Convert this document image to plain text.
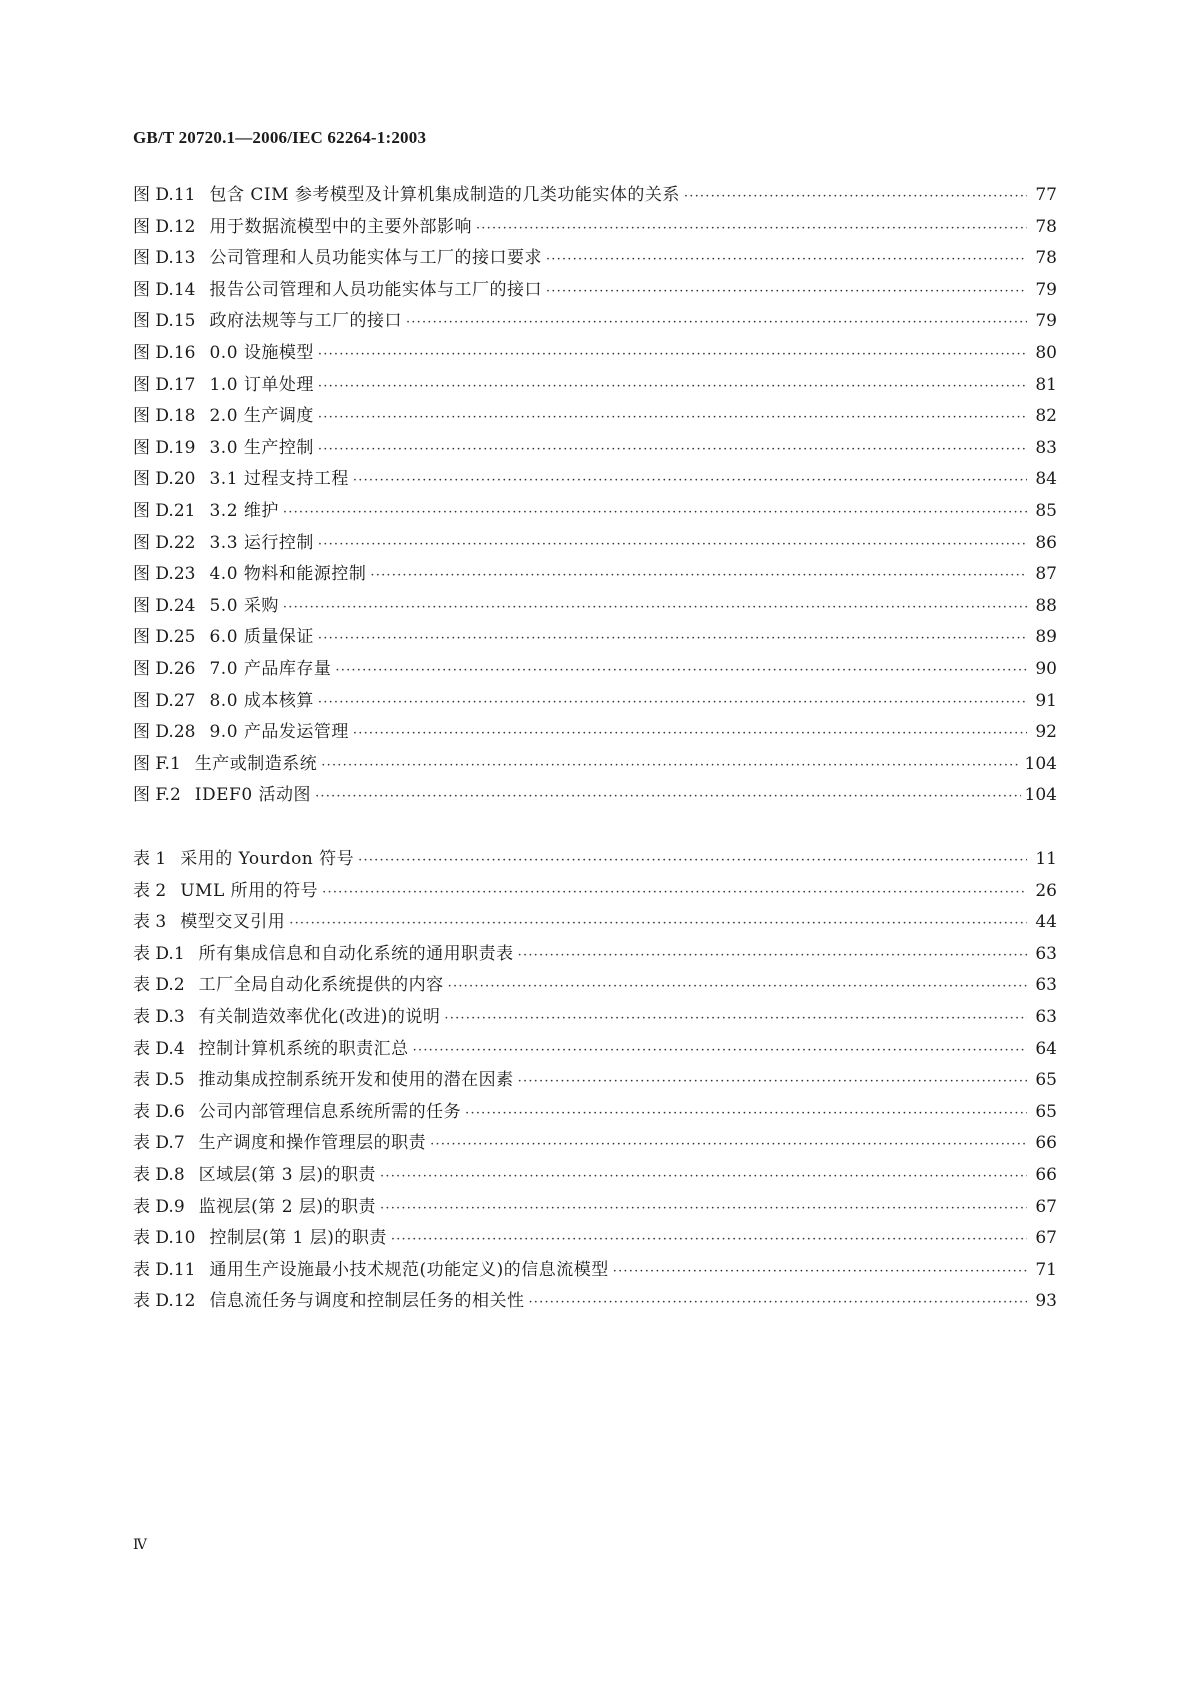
GB/T 20720.1—2006/IEC 62264-1:2003
图 D.11 包含 CIM 参考模型及计算机集成制造的几类功能实体的关系 ·····	77
图 D.12 用于数据流模型中的主要外部影响 ·····	78
图 D.13 公司管理和人员功能实体与工厂的接口要求 ·····	78
图 D.14 报告公司管理和人员功能实体与工厂的接口 ·····	79
图 D.15 政府法规等与工厂的接口 ·····	79
图 D.16 0.0 设施模型 ·····	80
图 D.17 1.0 订单处理 ·····	81
图 D.18 2.0 生产调度 ·····	82
图 D.19 3.0 生产控制 ·····	83
图 D.20 3.1 过程支持工程 ·····	84
图 D.21 3.2 维护 ·····	85
图 D.22 3.3 运行控制 ·····	86
图 D.23 4.0 物料和能源控制 ·····	87
图 D.24 5.0 采购 ·····	88
图 D.25 6.0 质量保证 ·····	89
图 D.26 7.0 产品库存量 ·····	90
图 D.27 8.0 成本核算 ·····	91
图 D.28 9.0 产品发运管理 ·····	92
图 F.1 生产或制造系统 ·····	104
图 F.2 IDEF0 活动图 ·····	104
表 1 采用的 Yourdon 符号 ·····	11
表 2 UML 所用的符号 ·····	26
表 3 模型交叉引用 ·····	44
表 D.1 所有集成信息和自动化系统的通用职责表 ·····	63
表 D.2 工厂全局自动化系统提供的内容 ·····	63
表 D.3 有关制造效率优化(改进)的说明 ·····	63
表 D.4 控制计算机系统的职责汇总 ·····	64
表 D.5 推动集成控制系统开发和使用的潜在因素 ·····	65
表 D.6 公司内部管理信息系统所需的任务 ·····	65
表 D.7 生产调度和操作管理层的职责 ·····	66
表 D.8 区域层(第 3 层)的职责 ·····	66
表 D.9 监视层(第 2 层)的职责 ·····	67
表 D.10 控制层(第 1 层)的职责 ·····	67
表 D.11 通用生产设施最小技术规范(功能定义)的信息流模型 ·····	71
表 D.12 信息流任务与调度和控制层任务的相关性 ·····	93
Ⅳ
